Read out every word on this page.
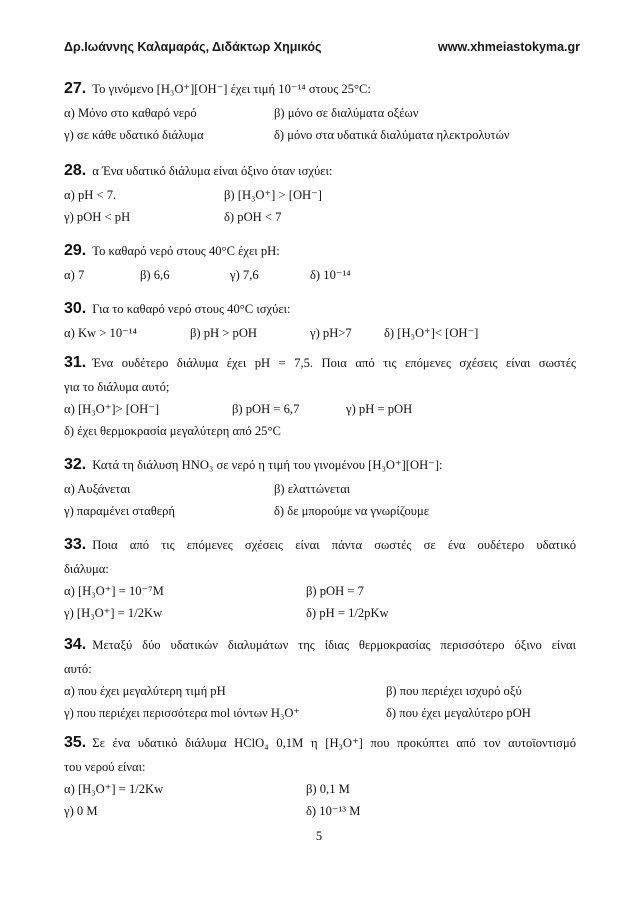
Δρ.Ιωάννης Καλαμαράς, Διδάκτωρ Χημικός	www.xhmeiastokyma.gr
27. Το γινόμενο [H₃O⁺][OH⁻] έχει τιμή 10⁻¹⁴ στους 25°C:
α) Μόνο στο καθαρό νερό	β) μόνο σε διαλύματα οξέων
γ) σε κάθε υδατικό διάλυμα	δ) μόνο στα υδατικά διαλύματα ηλεκτρολυτών
28. α Ένα υδατικό διάλυμα είναι όξινο όταν ισχύει:
α) pH < 7.	β) [H₃O⁺] > [OH⁻]
γ) pOH < pH	δ) pOH < 7
29. Το καθαρό νερό στους 40°C έχει pH:
α) 7	β) 6,6	γ) 7,6	δ) 10⁻¹⁴
30. Για το καθαρό νερό στους 40°C ισχύει:
α) Kw > 10⁻¹⁴	β) pH > pOH	γ) pH>7	δ) [H₃O⁺]< [OH⁻]
31. Ένα ουδέτερο διάλυμα έχει pH = 7,5. Ποια από τις επόμενες σχέσεις είναι σωστές
για το διάλυμα αυτό;
α) [H₃O⁺]> [OH⁻]	β) pOH = 6,7	γ) pH = pOH
δ) έχει θερμοκρασία μεγαλύτερη από 25°C
32. Κατά τη διάλυση HNO₃ σε νερό η τιμή του γινομένου [H₃O⁺][OH⁻]:
α) Αυξάνεται	β) ελαττώνεται
γ) παραμένει σταθερή	δ) δε μπορούμε να γνωρίζουμε
33. Ποια από τις επόμενες σχέσεις είναι πάντα σωστές σε ένα ουδέτερο υδατικό
διάλυμα:
α) [H₃O⁺] = 10⁻⁷M	β) pOH = 7
γ) [H₃O⁺] = 1/2Kw	δ) pH = 1/2pKw
34. Μεταξύ δύο υδατικών διαλυμάτων της ίδιας θερμοκρασίας περισσότερο όξινο είναι
αυτό:
α) που έχει μεγαλύτερη τιμή pH	β) που περιέχει ισχυρό οξύ
γ) που περιέχει περισσότερα mol ιόντων H₃O⁺	δ) που έχει μεγαλύτερο pOH
35. Σε ένα υδατικό διάλυμα HClO₄ 0,1M η [H₃O⁺] που προκύπτει από τον αυτοϊοντισμό
του νερού είναι:
α) [H₃O⁺] = 1/2Kw	β) 0,1 M
γ) 0 M	δ) 10⁻¹³ M
5
